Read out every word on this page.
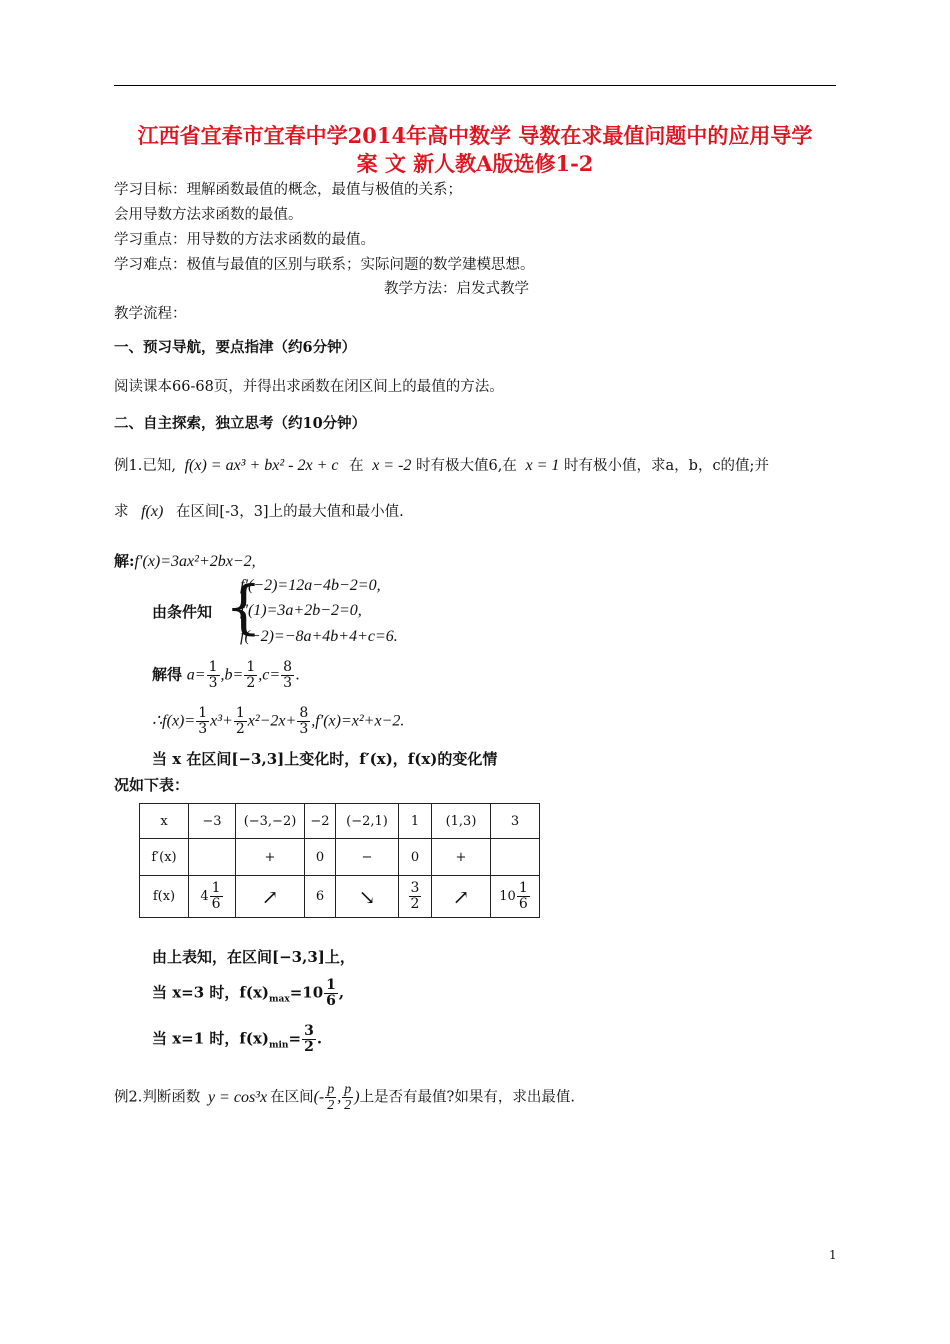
江西省宜春市宜春中学2014年高中数学 导数在求最值问题中的应用导学
案 文 新人教A版选修1-2
学习目标：理解函数最值的概念，最值与极值的关系；
会用导数方法求函数的最值。
学习重点：用导数的方法求函数的最值。
学习难点：极值与最值的区别与联系；实际问题的数学建模思想。
教学方法：启发式教学
教学流程：
一、预习导航，要点指津（约6分钟）
阅读课本66-68页，并得出求函数在闭区间上的最值的方法。
二、自主探索，独立思考（约10分钟）
例1.已知, f(x) = ax³ + bx² - 2x + c 在 x = -2 时有极大值6,在 x = 1 时有极小值，求a，b，c的值;并
求 f(x) 在区间[-3，3]上的最大值和最小值.
解:f′(x)=3ax²+2bx−2,
由条件知 {
f′(−2)=12a−4b−2=0,
f′(1)=3a+2b−2=0,
f(−2)=−8a+4b+4+c=6.
解得 $a= \frac{1}{3} ,b= \frac{1}{2} ,c= \frac{8}{3}$ .
∴f(x)= $\frac{1}{3} x^3+ \frac{1}{2} x^2-2x+ \frac{8}{3} ,f'(x)=x^2+x-2$.
当 x 在区间[−3,3]上变化时，f′(x)，f(x)的变化情
况如下表：
x	−3	(−3,−2)	−2	(−2,1)	1	(1,3)	3
f′(x)		+	0	−	0	+	
f(x)	$4 \frac{1}{6}$	↗	6	↘	$\frac{3}{2}$	↗	$10 \frac{1}{6}$
由上表知，在区间[−3,3]上，
当 x=3 时，$f(x)_{max}=10 \frac{1}{6}$ ,
当 x=1 时，$f(x)_{min}= \frac{3}{2}$ .
例2.判断函数 y = cos³x 在区间(- $\frac{p}{2}$ , $\frac{p}{2}$ )上是否有最值?如果有，求出最值.
1
